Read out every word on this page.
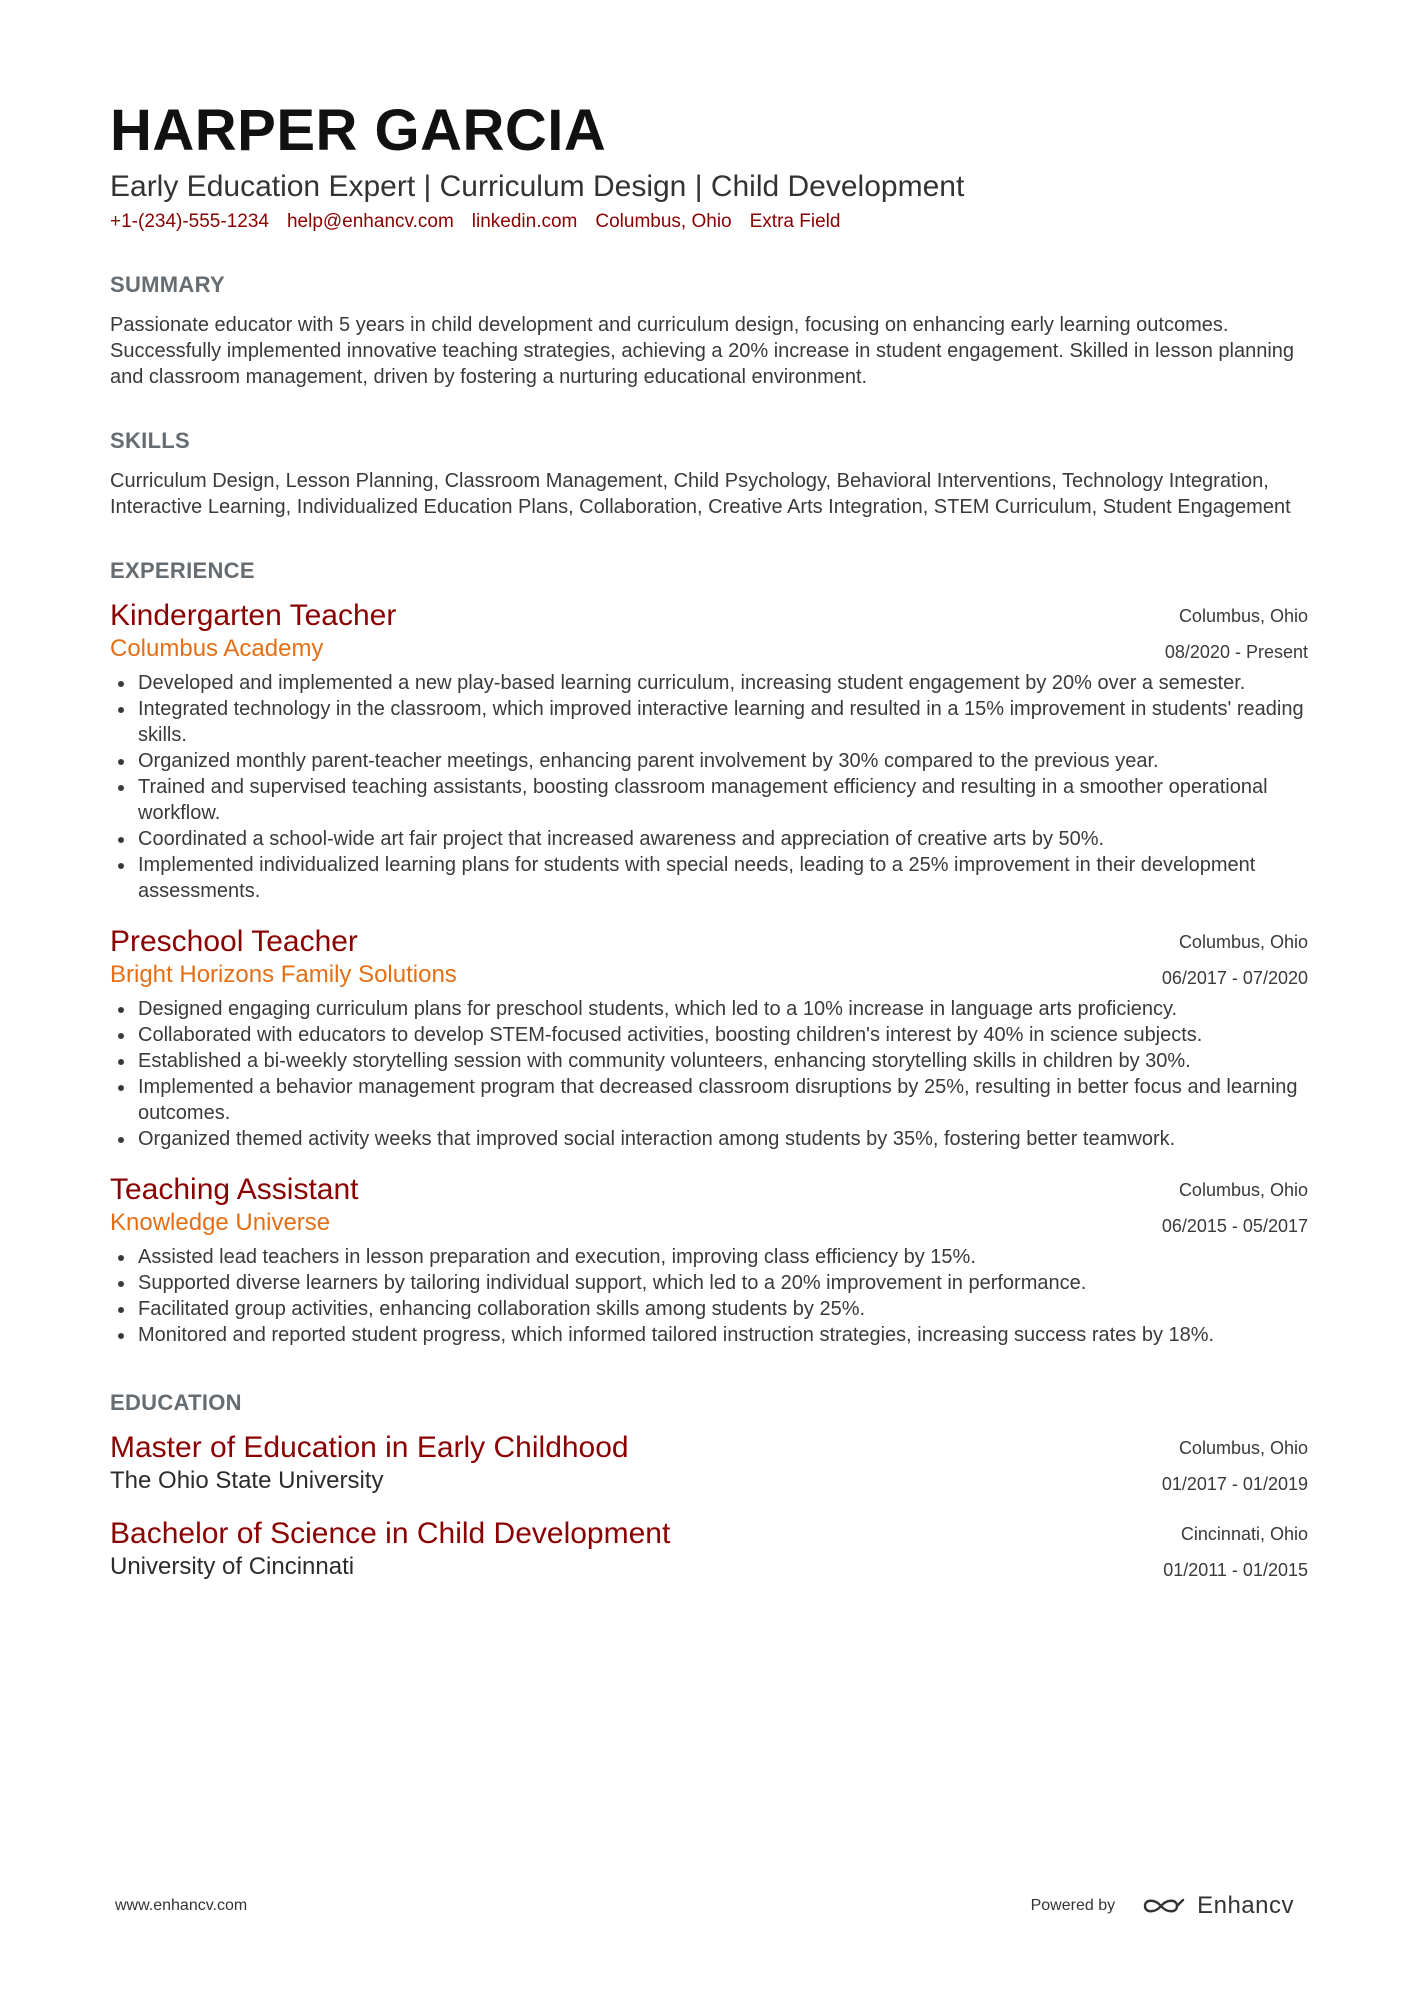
HARPER GARCIA
Early Education Expert | Curriculum Design | Child Development
+1-(234)-555-1234 help@enhancv.com linkedin.com Columbus, Ohio Extra Field
SUMMARY
Passionate educator with 5 years in child development and curriculum design, focusing on enhancing early learning outcomes. Successfully implemented innovative teaching strategies, achieving a 20% increase in student engagement. Skilled in lesson planning and classroom management, driven by fostering a nurturing educational environment.
SKILLS
Curriculum Design, Lesson Planning, Classroom Management, Child Psychology, Behavioral Interventions, Technology Integration, Interactive Learning, Individualized Education Plans, Collaboration, Creative Arts Integration, STEM Curriculum, Student Engagement
EXPERIENCE
Kindergarten Teacher
Columbus Academy
Columbus, Ohio
08/2020 - Present
Developed and implemented a new play-based learning curriculum, increasing student engagement by 20% over a semester.
Integrated technology in the classroom, which improved interactive learning and resulted in a 15% improvement in students' reading skills.
Organized monthly parent-teacher meetings, enhancing parent involvement by 30% compared to the previous year.
Trained and supervised teaching assistants, boosting classroom management efficiency and resulting in a smoother operational workflow.
Coordinated a school-wide art fair project that increased awareness and appreciation of creative arts by 50%.
Implemented individualized learning plans for students with special needs, leading to a 25% improvement in their development assessments.
Preschool Teacher
Bright Horizons Family Solutions
Columbus, Ohio
06/2017 - 07/2020
Designed engaging curriculum plans for preschool students, which led to a 10% increase in language arts proficiency.
Collaborated with educators to develop STEM-focused activities, boosting children's interest by 40% in science subjects.
Established a bi-weekly storytelling session with community volunteers, enhancing storytelling skills in children by 30%.
Implemented a behavior management program that decreased classroom disruptions by 25%, resulting in better focus and learning outcomes.
Organized themed activity weeks that improved social interaction among students by 35%, fostering better teamwork.
Teaching Assistant
Knowledge Universe
Columbus, Ohio
06/2015 - 05/2017
Assisted lead teachers in lesson preparation and execution, improving class efficiency by 15%.
Supported diverse learners by tailoring individual support, which led to a 20% improvement in performance.
Facilitated group activities, enhancing collaboration skills among students by 25%.
Monitored and reported student progress, which informed tailored instruction strategies, increasing success rates by 18%.
EDUCATION
Master of Education in Early Childhood
The Ohio State University
Columbus, Ohio
01/2017 - 01/2019
Bachelor of Science in Child Development
University of Cincinnati
Cincinnati, Ohio
01/2011 - 01/2015
www.enhancv.com	Powered by	Enhancv
